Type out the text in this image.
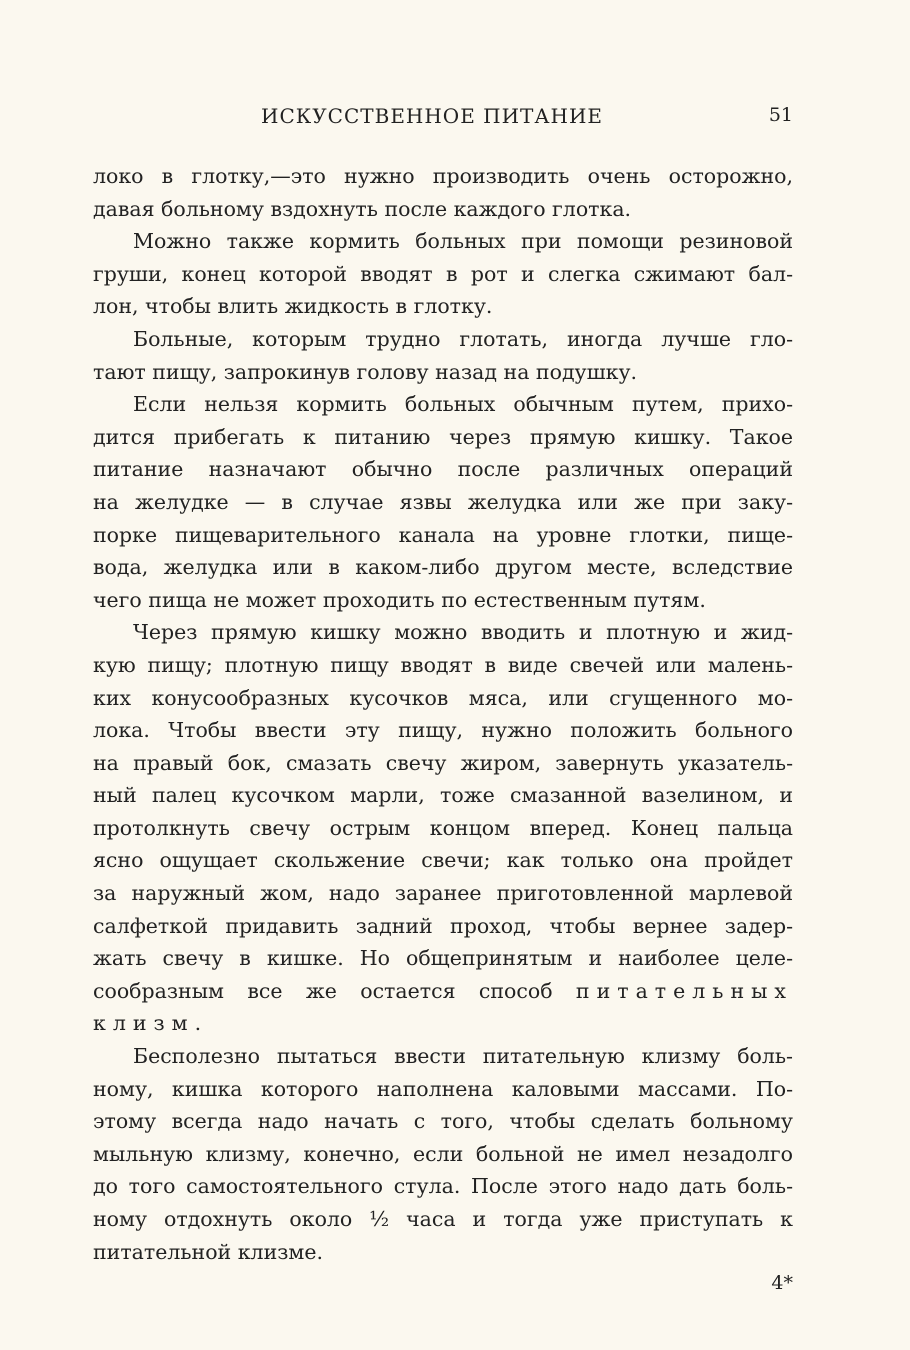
ИСКУССТВЕННОЕ ПИТАНИЕ	51

локо в глотку,—это нужно производить очень осторожно,
давая больному вздохнуть после каждого глотка.

Можно также кормить больных при помощи резиновой
груши, конец которой вводят в рот и слегка сжимают бал-
лон, чтобы влить жидкость в глотку.

Больные, которым трудно глотать, иногда лучше гло-
тают пищу, запрокинув голову назад на подушку.

Если нельзя кормить больных обычным путем, прихо-
дится прибегать к питанию через прямую кишку. Такое
питание назначают обычно после различных операций
на желудке — в случае язвы желудка или же при заку-
порке пищеварительного канала на уровне глотки, пище-
вода, желудка или в каком-либо другом месте, вследствие
чего пища не может проходить по естественным путям.

Через прямую кишку можно вводить и плотную и жид-
кую пищу; плотную пищу вводят в виде свечей или малень-
ких конусообразных кусочков мяса, или сгущенного мо-
лока. Чтобы ввести эту пищу, нужно положить больного
на правый бок, смазать свечу жиром, завернуть указатель-
ный палец кусочком марли, тоже смазанной вазелином, и
протолкнуть свечу острым концом вперед. Конец пальца
ясно ощущает скольжение свечи; как только она пройдет
за наружный жом, надо заранее приготовленной марлевой
салфеткой придавить задний проход, чтобы вернее задер-
жать свечу в кишке. Но общепринятым и наиболее целе-
сообразным все же остается способ питательных
клизм.

Бесполезно пытаться ввести питательную клизму боль-
ному, кишка которого наполнена каловыми массами. По-
этому всегда надо начать с того, чтобы сделать больному
мыльную клизму, конечно, если больной не имел незадолго
до того самостоятельного стула. После этого надо дать боль-
ному отдохнуть около ½ часа и тогда уже приступать к
питательной клизме.

4*
